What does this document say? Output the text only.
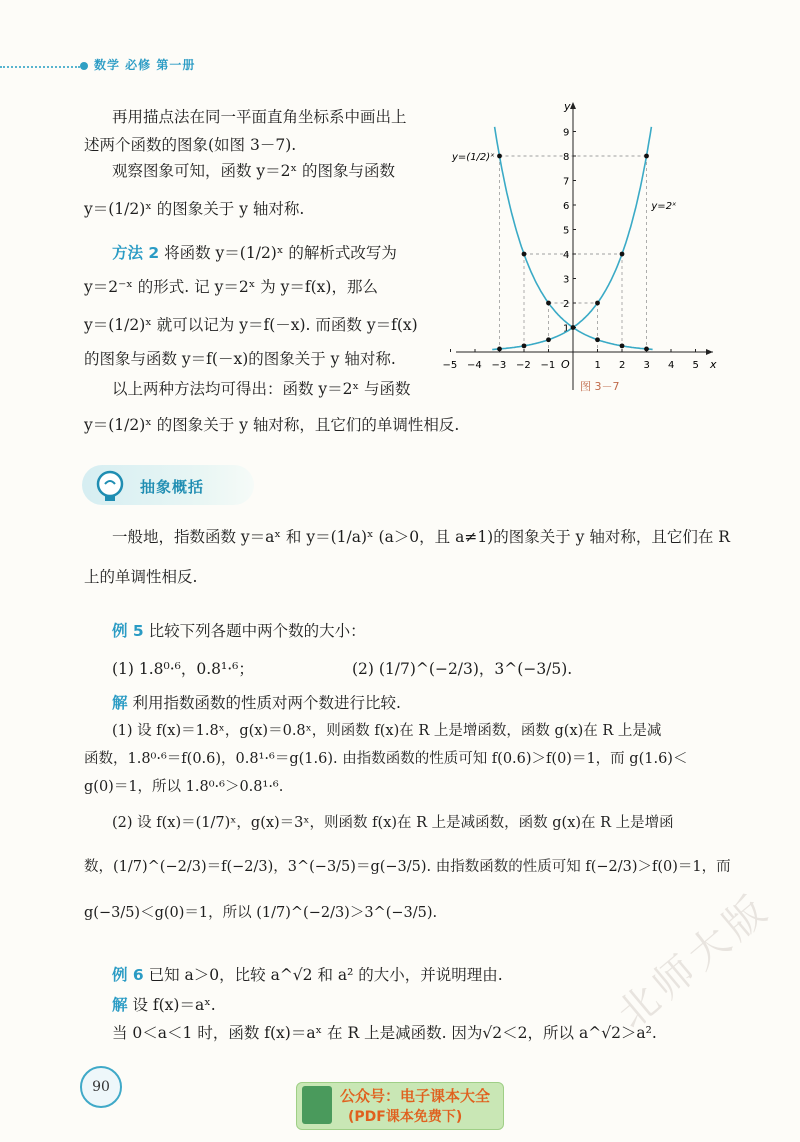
数学 必修 第一册
再用描点法在同一平面直角坐标系中画出上
述两个函数的图象(如图 3－7).
观察图象可知，函数 y＝2ˣ 的图象与函数
y＝(1/2)ˣ 的图象关于 y 轴对称.
方法 2 将函数 y＝(1/2)ˣ 的解析式改写为
y＝2⁻ˣ 的形式. 记 y＝2ˣ 为 y＝f(x)，那么
y＝(1/2)ˣ 就可以记为 y＝f(－x). 而函数 y＝f(x)
的图象与函数 y＝f(－x)的图象关于 y 轴对称.
以上两种方法均可得出：函数 y＝2ˣ 与函数
y＝(1/2)ˣ 的图象关于 y 轴对称，且它们的单调性相反.
x
y
O
−5 −4 −3 −2 −1	1 2 3 4 5
1
2
3
4
5
6
7
8
9
y=(1/2)ˣ
y=2ˣ
图 3－7
抽象概括
一般地，指数函数 y＝aˣ 和 y＝(1/a)ˣ (a＞0，且 a≠1)的图象关于 y 轴对称，且它们在 R
上的单调性相反.
例 5 比较下列各题中两个数的大小：
(1) 1.8⁰·⁶，0.8¹·⁶；	(2) (1/7)^(−2/3)，3^(−3/5).
解 利用指数函数的性质对两个数进行比较.
(1) 设 f(x)＝1.8ˣ，g(x)＝0.8ˣ，则函数 f(x)在 R 上是增函数，函数 g(x)在 R 上是减
函数，1.8⁰·⁶＝f(0.6)，0.8¹·⁶＝g(1.6). 由指数函数的性质可知 f(0.6)＞f(0)＝1，而 g(1.6)＜
g(0)＝1，所以 1.8⁰·⁶＞0.8¹·⁶.
(2) 设 f(x)＝(1/7)ˣ，g(x)＝3ˣ，则函数 f(x)在 R 上是减函数，函数 g(x)在 R 上是增函
数，(1/7)^(−2/3)＝f(−2/3)，3^(−3/5)＝g(−3/5). 由指数函数的性质可知 f(−2/3)＞f(0)＝1，而
g(−3/5)＜g(0)＝1，所以 (1/7)^(−2/3)＞3^(−3/5).
例 6 已知 a＞0，比较 a^√2 和 a² 的大小，并说明理由.
解 设 f(x)＝aˣ.
当 0＜a＜1 时，函数 f(x)＝aˣ 在 R 上是减函数. 因为√2＜2，所以 a^√2＞a².
90	公众号：电子课本大全
(PDF课本免费下)
北师大版
